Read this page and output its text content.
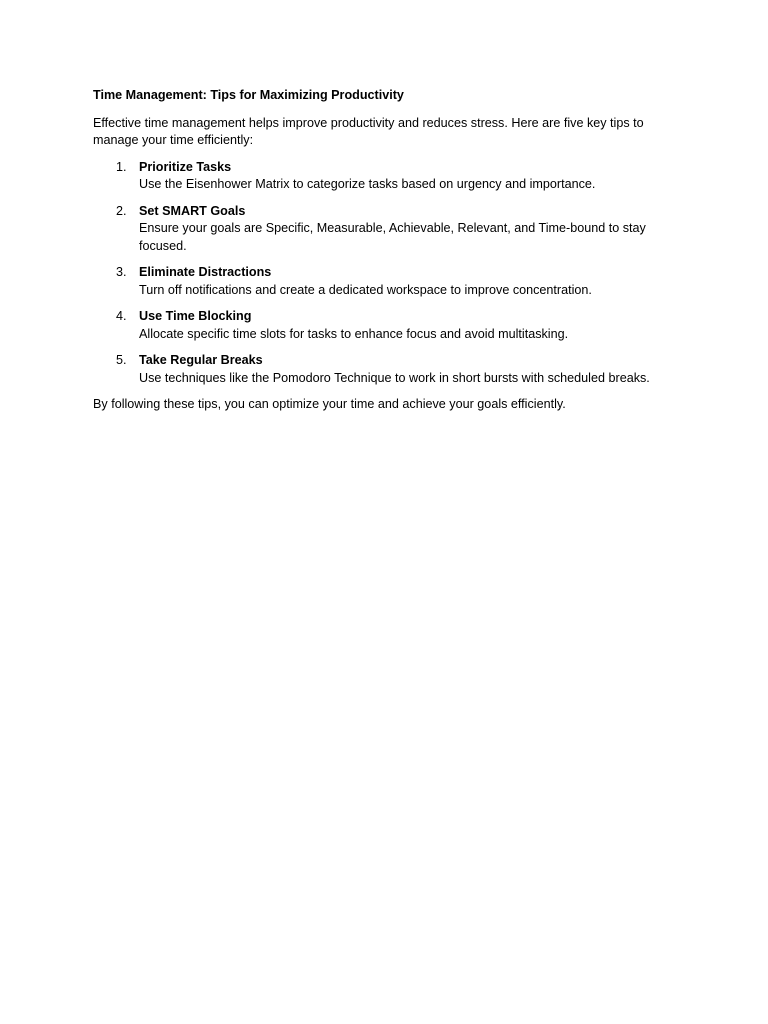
Time Management: Tips for Maximizing Productivity

Effective time management helps improve productivity and reduces stress. Here are five key tips to manage your time efficiently:

1. Prioritize Tasks
Use the Eisenhower Matrix to categorize tasks based on urgency and importance.
2. Set SMART Goals
Ensure your goals are Specific, Measurable, Achievable, Relevant, and Time-bound to stay focused.
3. Eliminate Distractions
Turn off notifications and create a dedicated workspace to improve concentration.
4. Use Time Blocking
Allocate specific time slots for tasks to enhance focus and avoid multitasking.
5. Take Regular Breaks
Use techniques like the Pomodoro Technique to work in short bursts with scheduled breaks.

By following these tips, you can optimize your time and achieve your goals efficiently.
